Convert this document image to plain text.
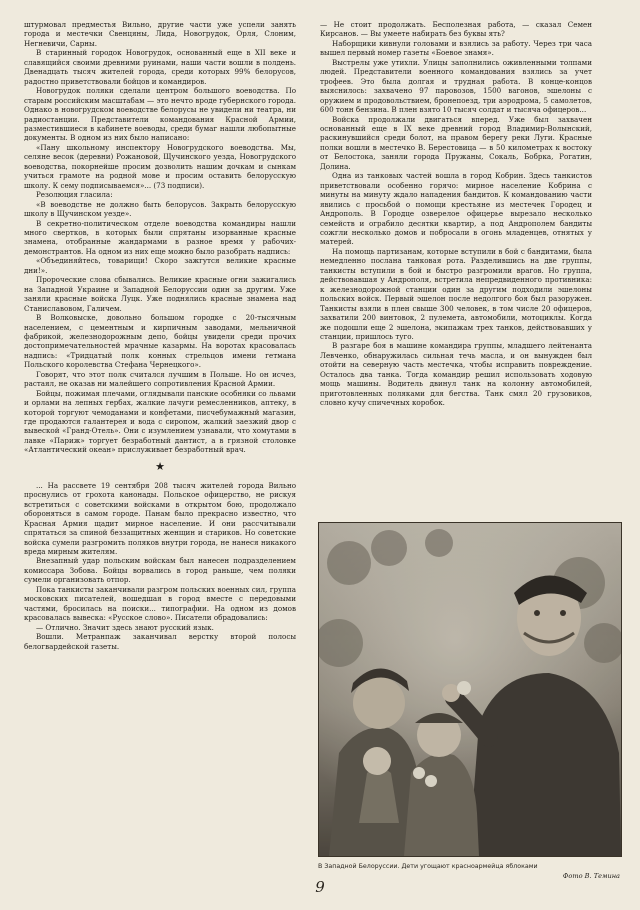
штурмовал предместья Вильно, другие части уже успели занять города и местечки Свенцяны, Лида, Новогрудок, Орля, Слоним, Негневичи, Сарны.

В старинный городок Новогрудок, основанный еще в XII веке и славящийся своими древними руинами, наши части вошли в полдень. Двенадцать тысяч жителей города, среди которых 99% белорусов, радостно приветствовали бойцов и командиров.

Новогрудок поляки сделали центром большого воеводства. По старым российским масштабам — это нечто вроде губернского города. Однако в новогрудском воеводстве белорусы не увидели ни театра, ни радиостанции. Представители командования Красной Армии, разместившиеся в кабинете воеводы, среди бумаг нашли любопытные документы. В одном из них было написано:

«Пану школьному инспектору Новогрудского воеводства. Мы, селяне весок (деревни) Рожановой, Щучинского уезда, Новогрудского воеводства, покорнейше просим дозволить нашим дочкам и сынкам учиться грамоте на родной мове и просим оставить белорусскую школу. К сему подписываемся»... (73 подписи).

Резолюция гласила:

«В воеводстве не должно быть белорусов. Закрыть белорусскую школу в Щучинском уезде».

В секретно-политическом отделе воеводства командиры нашли много свертков, в которых были спрятаны изорванные красные знамена, отобранные жандармами в разное время у рабочих-демонстрантов. На одном из них еще можно было разобрать надпись:

«Объединяйтесь, товарищи! Скоро зажгутся великие красные дни!».

Пророческие слова сбывались. Великие красные огни зажигались на Западной Украине и Западной Белоруссии один за другим. Уже заняли красные войска Луцк. Уже поднялись красные знамена над Станиславовом, Галичем.

В Волковыске, довольно большом городке с 20-тысячным населением, с цементным и кирпичным заводами, мельничной фабрикой, железнодорожным депо, бойцы увидели среди прочих достопримечательностей мрачные казармы. На воротах красовалась надпись: «Тридцатый полк конных стрельцов имени гетмана Польского королевства Стефана Чернецкого».

Говорят, что этот полк считался лучшим в Польше. Но он исчез, растаял, не оказав ни малейшего сопротивления Красной Армии.

Бойцы, пожимая плечами, оглядывали панские особняки со львами и орлами на лепных гербах, жалкие лачуги ремесленников, аптеку, в которой торгуют чемоданами и конфетами, писчебумажный магазин, где продаются галантерея и вода с сиропом, жалкий заезжий двор с вывеской «Гранд-Отель». Они с изумлением узнавали, что хомутами в лавке «Париж» торгует безработный дантист, а в грязной столовке «Атлантический океан» прислуживает безработный врач.

★

... На рассвете 19 сентября 208 тысяч жителей города Вильно проснулись от грохота канонады. Польское офицерство, не рискуя встретиться с советскими войсками в открытом бою, продолжало обороняться в самом городе. Панам было прекрасно известно, что Красная Армия щадит мирное население. И они рассчитывали спрятаться за спиной беззащитных женщин и стариков. Но советские войска сумели разгромить поляков внутри города, не нанеся никакого вреда мирным жителям.

Внезапный удар польским войскам был нанесен подразделением комиссара Зобова. Бойцы ворвались в город раньше, чем поляки сумели организовать отпор.

Пока танкисты заканчивали разгром польских военных сил, группа московских писателей, вошедшая в город вместе с передовыми частями, бросилась на поиски... типографии. На одном из домов красовалась вывеска: «Русское слово». Писатели обрадовались:

— Отлично. Значит здесь знают русский язык.

Вошли. Метранпаж заканчивал верстку второй полосы белогвардейской газеты.

— Не стоит продолжать. Бесполезная работа, — сказал Семен Кирсанов. — Вы умеете набирать без буквы ять?

Наборщики кивнули головами и взялись за работу. Через три часа вышел первый номер газеты «Боевое знамя».

Выстрелы уже утихли. Улицы заполнились оживленными толпами людей. Представители военного командования взялись за учет трофеев. Это была долгая и трудная работа. В конце-концов выяснилось: захвачено 97 паровозов, 1500 вагонов, эшелоны с оружием и продовольствием, бронепоезд, три аэродрома, 5 самолетов, 600 тонн бензина. В плен взято 10 тысяч солдат и тысяча офицеров...

Войска продолжали двигаться вперед. Уже был захвачен основанный еще в IX веке древний город Владимир-Волынский, раскинувшийся среди болот, на правом берегу реки Луги. Красные полки вошли в местечко В. Берестовица — в 50 километрах к востоку от Белостока, заняли города Пружаны, Сокаль, Бобрка, Рогатин, Долина.

Одна из танковых частей вошла в город Кобрин. Здесь танкистов приветствовали особенно горячо: мирное население Кобрина с минуты на минуту ждало нападения бандитов. К командованию части явились с просьбой о помощи крестьяне из местечек Городец и Андрополь. В Городце озверелое офицерье вырезало несколько семейств и ограбило десятки квартир, а под Андрополем бандиты сожгли несколько домов и побросали в огонь младенцев, отнятых у матерей.

На помощь партизанам, которые вступили в бой с бандитами, была немедленно послана танковая рота. Разделившись на две группы, танкисты вступили в бой и быстро разгромили врагов. Но группа, действовавшая у Андрополя, встретила непредвиденного противника: к железнодорожной станции один за другим подходили эшелоны польских войск. Первый эшелон после недолгого боя был разоружен. Танкисты взяли в плен свыше 300 человек, в том числе 20 офицеров, захватили 200 винтовок, 2 пулемета, автомобили, мотоциклы. Когда же подошли еще 2 эшелона, экипажам трех танков, действовавших у станции, пришлось туго.

В разгаре боя в машине командира группы, младшего лейтенанта Левченко, обнаружилась сильная течь масла, и он вынужден был отойти на северную часть местечка, чтобы исправить повреждение. Осталось два танка. Тогда командир решил использовать ходовую мощь машины. Водитель двинул танк на колонну автомобилей, приготовленных поляками для бегства. Танк смял 20 грузовиков, словно кучу спичечных коробок.

В Западной Белоруссии. Дети угощают красноармейца яблоками
Фото В. Темина
9
